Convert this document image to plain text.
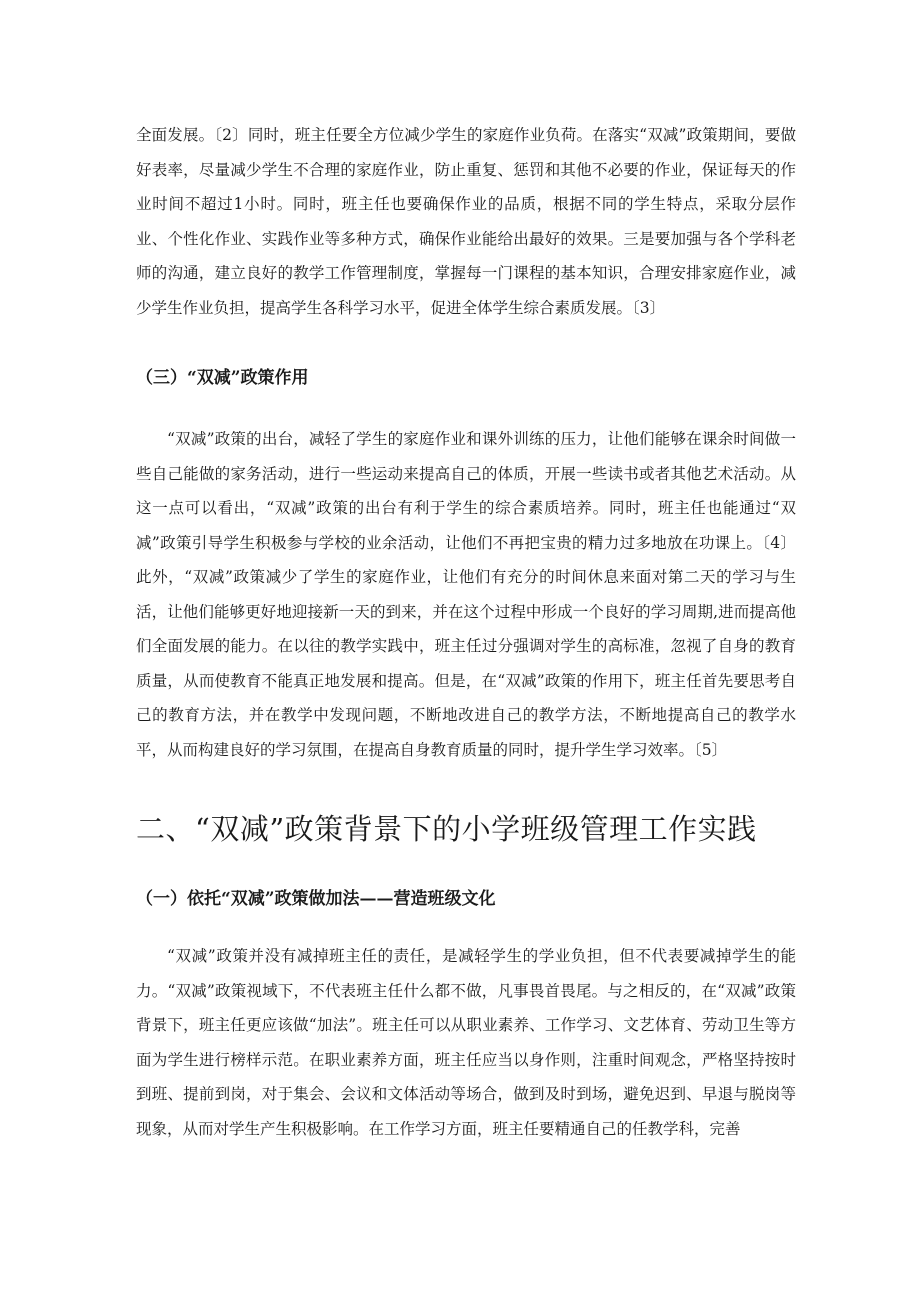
全面发展。〔2〕同时，班主任要全方位减少学生的家庭作业负荷。在落实“双减”政策期间，要做好表率，尽量减少学生不合理的家庭作业，防止重复、惩罚和其他不必要的作业，保证每天的作业时间不超过1小时。同时，班主任也要确保作业的品质，根据不同的学生特点，采取分层作业、个性化作业、实践作业等多种方式，确保作业能给出最好的效果。三是要加强与各个学科老师的沟通，建立良好的教学工作管理制度，掌握每一门课程的基本知识，合理安排家庭作业，减少学生作业负担，提高学生各科学习水平，促进全体学生综合素质发展。〔3〕

（三）“双减”政策作用

“双减”政策的出台，减轻了学生的家庭作业和课外训练的压力，让他们能够在课余时间做一些自己能做的家务活动，进行一些运动来提高自己的体质，开展一些读书或者其他艺术活动。从这一点可以看出，“双减”政策的出台有利于学生的综合素质培养。同时，班主任也能通过“双减”政策引导学生积极参与学校的业余活动，让他们不再把宝贵的精力过多地放在功课上。〔4〕此外，“双减”政策减少了学生的家庭作业，让他们有充分的时间休息来面对第二天的学习与生活，让他们能够更好地迎接新一天的到来，并在这个过程中形成一个良好的学习周期,进而提高他们全面发展的能力。在以往的教学实践中，班主任过分强调对学生的高标准，忽视了自身的教育质量，从而使教育不能真正地发展和提高。但是，在“双减”政策的作用下，班主任首先要思考自己的教育方法，并在教学中发现问题，不断地改进自己的教学方法，不断地提高自己的教学水平，从而构建良好的学习氛围，在提高自身教育质量的同时，提升学生学习效率。〔5〕

二、“双减”政策背景下的小学班级管理工作实践
（一）依托“双减”政策做加法——营造班级文化

“双减”政策并没有减掉班主任的责任，是减轻学生的学业负担，但不代表要减掉学生的能力。“双减”政策视域下，不代表班主任什么都不做，凡事畏首畏尾。与之相反的，在“双减”政策背景下，班主任更应该做“加法”。班主任可以从职业素养、工作学习、文艺体育、劳动卫生等方面为学生进行榜样示范。在职业素养方面，班主任应当以身作则，注重时间观念，严格坚持按时到班、提前到岗，对于集会、会议和文体活动等场合，做到及时到场，避免迟到、早退与脱岗等现象，从而对学生产生积极影响。在工作学习方面，班主任要精通自己的任教学科，完善
